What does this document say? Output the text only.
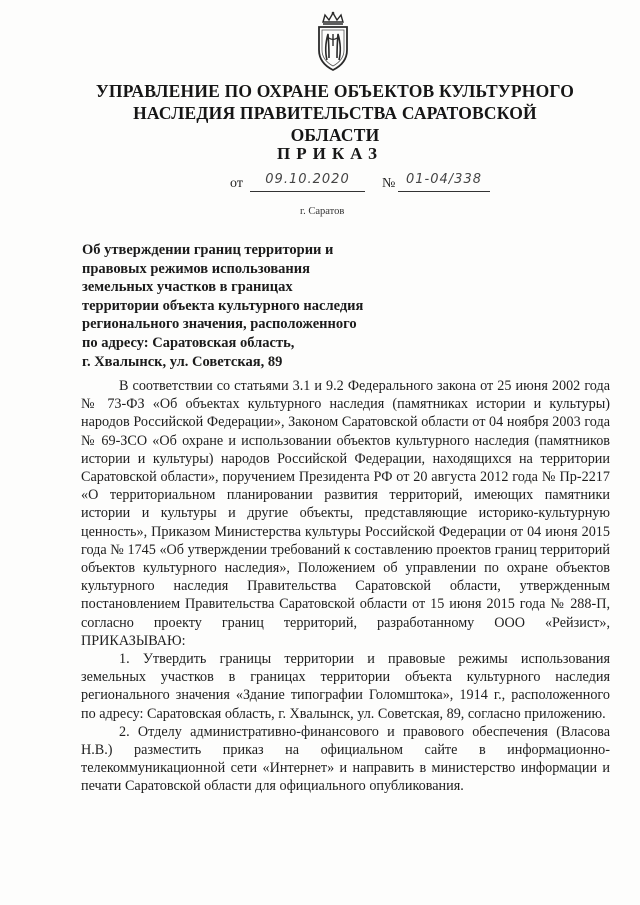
УПРАВЛЕНИЕ ПО ОХРАНЕ ОБЪЕКТОВ КУЛЬТУРНОГО
НАСЛЕДИЯ ПРАВИТЕЛЬСТВА САРАТОВСКОЙ ОБЛАСТИ
ПРИКАЗ
от	09.10.2020	№ 01-04/338
г. Саратов
Об утверждении границ территории и
правовых режимов использования
земельных участков в границах
территории объекта культурного наследия
регионального значения, расположенного
по адресу: Саратовская область,
г. Хвалынск, ул. Советская, 89

В соответствии со статьями 3.1 и 9.2 Федерального закона от 25 июня 2002 года № 73-ФЗ «Об объектах культурного наследия (памятниках истории и культуры) народов Российской Федерации», Законом Саратовской области от 04 ноября 2003 года № 69-ЗСО «Об охране и использовании объектов культурного наследия (памятников истории и культуры) народов Российской Федерации, находящихся на территории Саратовской области», поручением Президента РФ от 20 августа 2012 года № Пр-2217 «О территориальном планировании развития территорий, имеющих памятники истории и культуры и другие объекты, представляющие историко-культурную ценность», Приказом Министерства культуры Российской Федерации от 04 июня 2015 года № 1745 «Об утверждении требований к составлению проектов границ территорий объектов культурного наследия», Положением об управлении по охране объектов культурного наследия Правительства Саратовской области, утвержденным постановлением Правительства Саратовской области от 15 июня 2015 года № 288-П, согласно проекту границ территорий, разработанному ООО «Рейзист», ПРИКАЗЫВАЮ:

1. Утвердить границы территории и правовые режимы использования земельных участков в границах территории объекта культурного наследия регионального значения «Здание типографии Голомштока», 1914 г., расположенного по адресу: Саратовская область, г. Хвалынск, ул. Советская, 89, согласно приложению.

2. Отделу административно-финансового и правового обеспечения (Власова Н.В.) разместить приказ на официальном сайте в информационно-телекоммуникационной сети «Интернет» и направить в министерство информации и печати Саратовской области для официального опубликования.
